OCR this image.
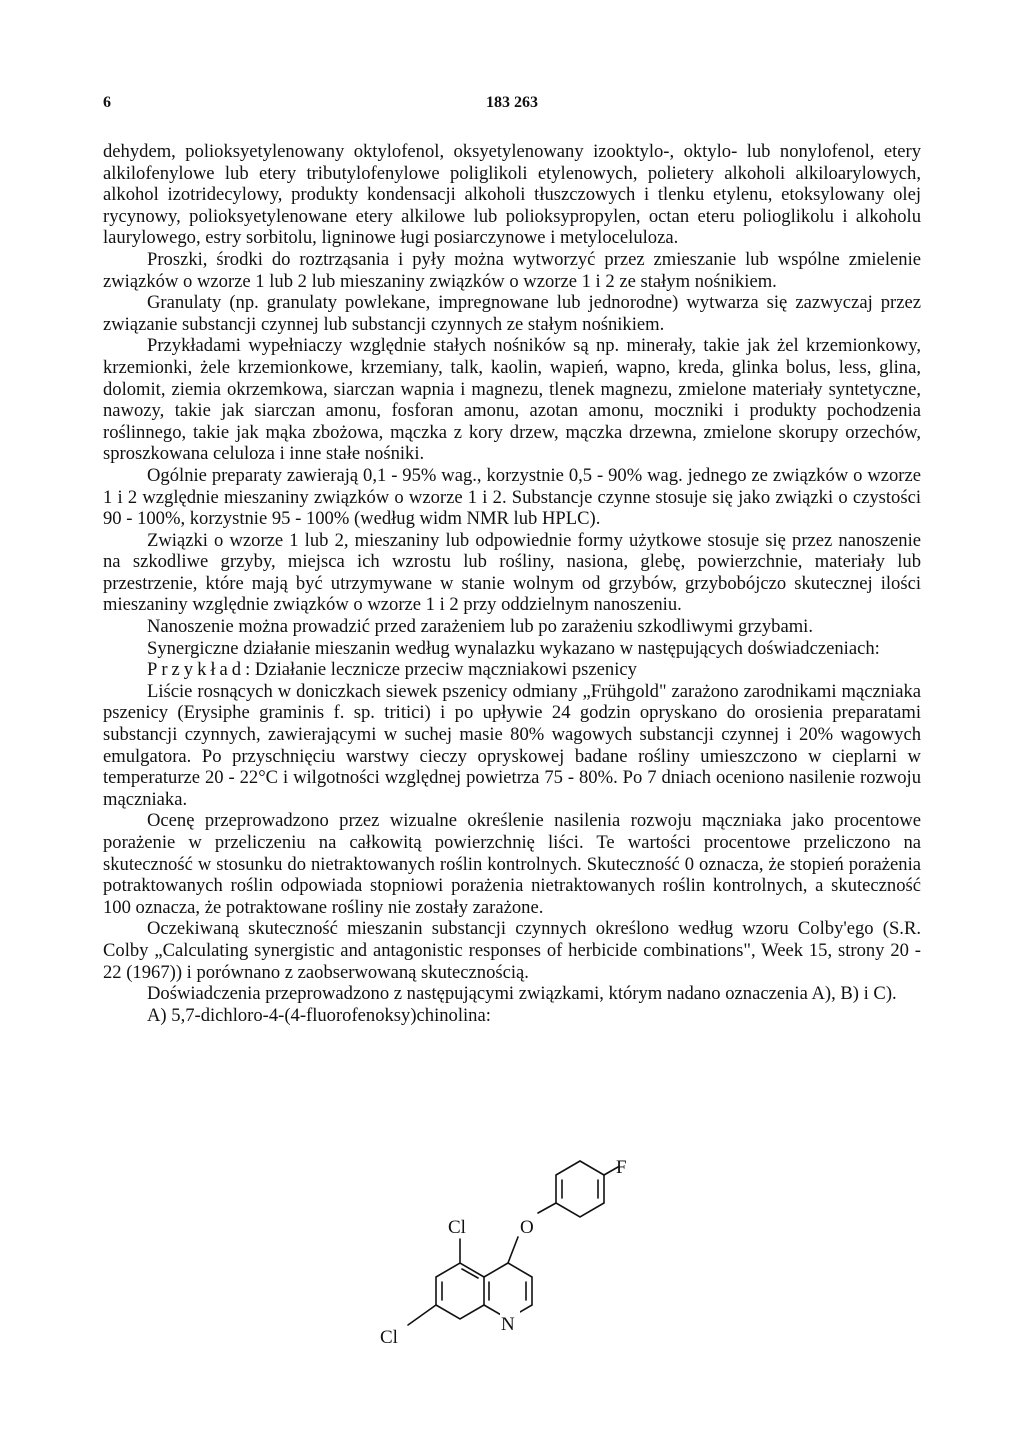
6	183 263

dehydem, polioksyetylenowany oktylofenol, oksyetylenowany izooktylo-, oktylo- lub nonylofenol, etery alkilofenylowe lub etery tributylofenylowe poliglikoli etylenowych, polietery alkoholi alkiloarylowych, alkohol izotridecylowy, produkty kondensacji alkoholi tłuszczowych i tlenku etylenu, etoksylowany olej rycynowy, polioksyetylenowane etery alkilowe lub polioksypropylen, octan eteru polioglikolu i alkoholu laurylowego, estry sorbitolu, ligninowe ługi posiarczynowe i metyloceluloza.

Proszki, środki do roztrząsania i pyły można wytworzyć przez zmieszanie lub wspólne zmielenie związków o wzorze 1 lub 2 lub mieszaniny związków o wzorze 1 i 2 ze stałym nośnikiem.

Granulaty (np. granulaty powlekane, impregnowane lub jednorodne) wytwarza się zazwyczaj przez związanie substancji czynnej lub substancji czynnych ze stałym nośnikiem.

Przykładami wypełniaczy względnie stałych nośników są np. minerały, takie jak żel krzemionkowy, krzemionki, żele krzemionkowe, krzemiany, talk, kaolin, wapień, wapno, kreda, glinka bolus, less, glina, dolomit, ziemia okrzemkowa, siarczan wapnia i magnezu, tlenek magnezu, zmielone materiały syntetyczne, nawozy, takie jak siarczan amonu, fosforan amonu, azotan amonu, moczniki i produkty pochodzenia roślinnego, takie jak mąka zbożowa, mączka z kory drzew, mączka drzewna, zmielone skorupy orzechów, sproszkowana celuloza i inne stałe nośniki.

Ogólnie preparaty zawierają 0,1 - 95% wag., korzystnie 0,5 - 90% wag. jednego ze związków o wzorze 1 i 2 względnie mieszaniny związków o wzorze 1 i 2. Substancje czynne stosuje się jako związki o czystości 90 - 100%, korzystnie 95 - 100% (według widm NMR lub HPLC).

Związki o wzorze 1 lub 2, mieszaniny lub odpowiednie formy użytkowe stosuje się przez nanoszenie na szkodliwe grzyby, miejsca ich wzrostu lub rośliny, nasiona, glebę, powierzchnie, materiały lub przestrzenie, które mają być utrzymywane w stanie wolnym od grzybów, grzybobójczo skutecznej ilości mieszaniny względnie związków o wzorze 1 i 2 przy oddzielnym nanoszeniu.

Nanoszenie można prowadzić przed zarażeniem lub po zarażeniu szkodliwymi grzybami.

Synergiczne działanie mieszanin według wynalazku wykazano w następujących doświadczeniach:

Przykład: Działanie lecznicze przeciw mączniakowi pszenicy

Liście rosnących w doniczkach siewek pszenicy odmiany „Frühgold" zarażono zarodnikami mączniaka pszenicy (Erysiphe graminis f. sp. tritici) i po upływie 24 godzin opryskano do orosienia preparatami substancji czynnych, zawierającymi w suchej masie 80% wagowych substancji czynnej i 20% wagowych emulgatora. Po przyschnięciu warstwy cieczy opryskowej badane rośliny umieszczono w cieplarni w temperaturze 20 - 22°C i wilgotności względnej powietrza 75 - 80%. Po 7 dniach oceniono nasilenie rozwoju mączniaka.

Ocenę przeprowadzono przez wizualne określenie nasilenia rozwoju mączniaka jako procentowe porażenie w przeliczeniu na całkowitą powierzchnię liści. Te wartości procentowe przeliczono na skuteczność w stosunku do nietraktowanych roślin kontrolnych. Skuteczność 0 oznacza, że stopień porażenia potraktowanych roślin odpowiada stopniowi porażenia nietraktowanych roślin kontrolnych, a skuteczność 100 oznacza, że potraktowane rośliny nie zostały zarażone.

Oczekiwaną skuteczność mieszanin substancji czynnych określono według wzoru Colby'ego (S.R. Colby „Calculating synergistic and antagonistic responses of herbicide combinations", Week 15, strony 20 - 22 (1967)) i porównano z zaobserwowaną skutecznością.

Doświadczenia przeprowadzono z następującymi związkami, którym nadano oznaczenia A), B) i C).

A) 5,7-dichloro-4-(4-fluorofenoksy)chinolina:

F
O
Cl
N
Cl
